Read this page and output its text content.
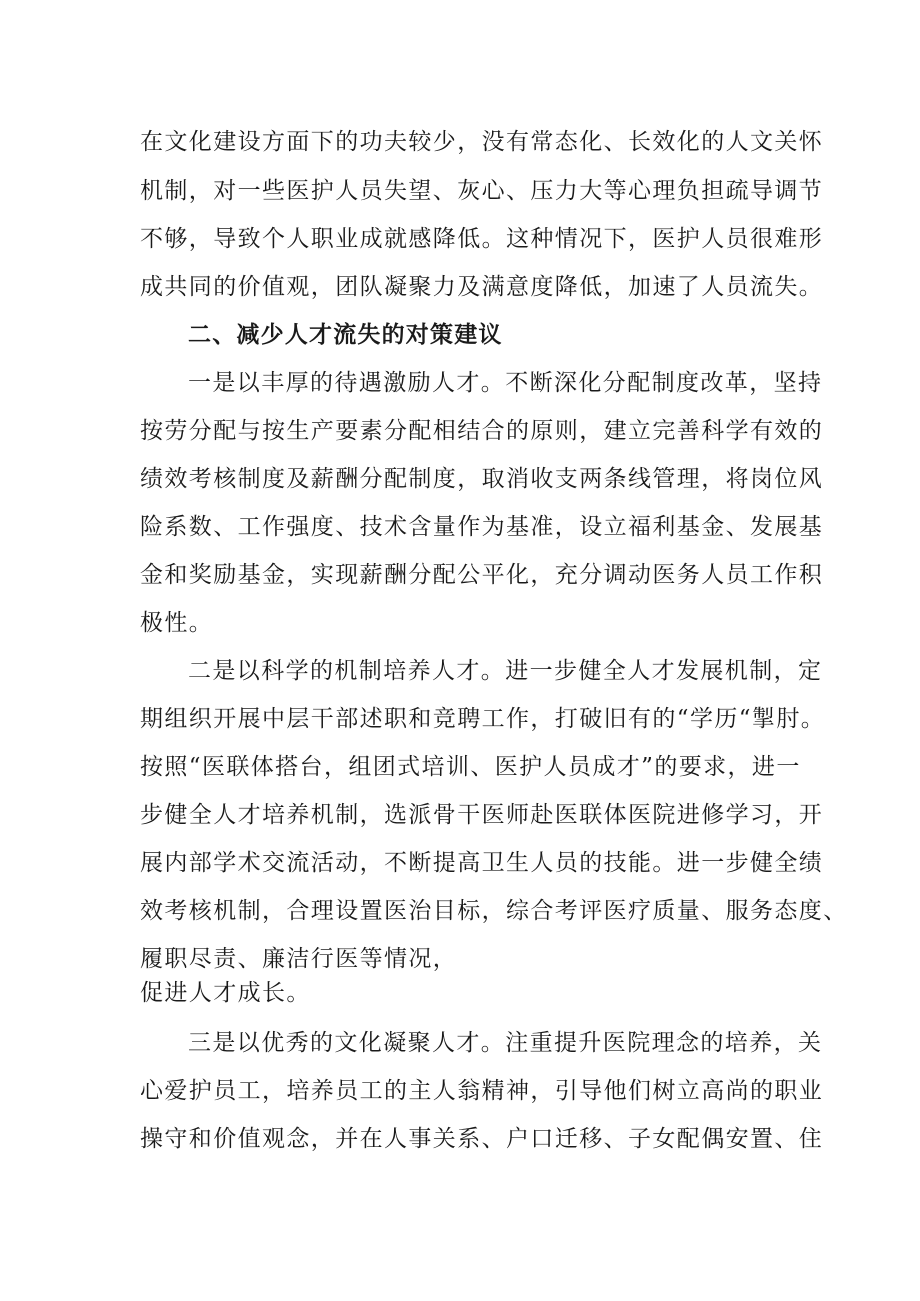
在文化建设方面下的功夫较少，没有常态化、长效化的人文关怀
机制，对一些医护人员失望、灰心、压力大等心理负担疏导调节
不够，导致个人职业成就感降低。这种情况下，医护人员很难形
成共同的价值观，团队凝聚力及满意度降低，加速了人员流失。
二、减少人才流失的对策建议
一是以丰厚的待遇激励人才。不断深化分配制度改革，坚持
按劳分配与按生产要素分配相结合的原则，建立完善科学有效的
绩效考核制度及薪酬分配制度，取消收支两条线管理，将岗位风
险系数、工作强度、技术含量作为基准，设立福利基金、发展基
金和奖励基金，实现薪酬分配公平化，充分调动医务人员工作积
极性。
二是以科学的机制培养人才。进一步健全人才发展机制，定
期组织开展中层干部述职和竞聘工作，打破旧有的“学历“掣肘。
按照“医联体搭台，组团式培训、医护人员成才”的要求，进一
步健全人才培养机制，选派骨干医师赴医联体医院进修学习，开
展内部学术交流活动，不断提高卫生人员的技能。进一步健全绩
效考核机制，合理设置医治目标，综合考评医疗质量、服务态度、
履职尽责、廉洁行医等情况，
促进人才成长。
三是以优秀的文化凝聚人才。注重提升医院理念的培养，关
心爱护员工，培养员工的主人翁精神，引导他们树立高尚的职业
操守和价值观念，并在人事关系、户口迁移、子女配偶安置、住
